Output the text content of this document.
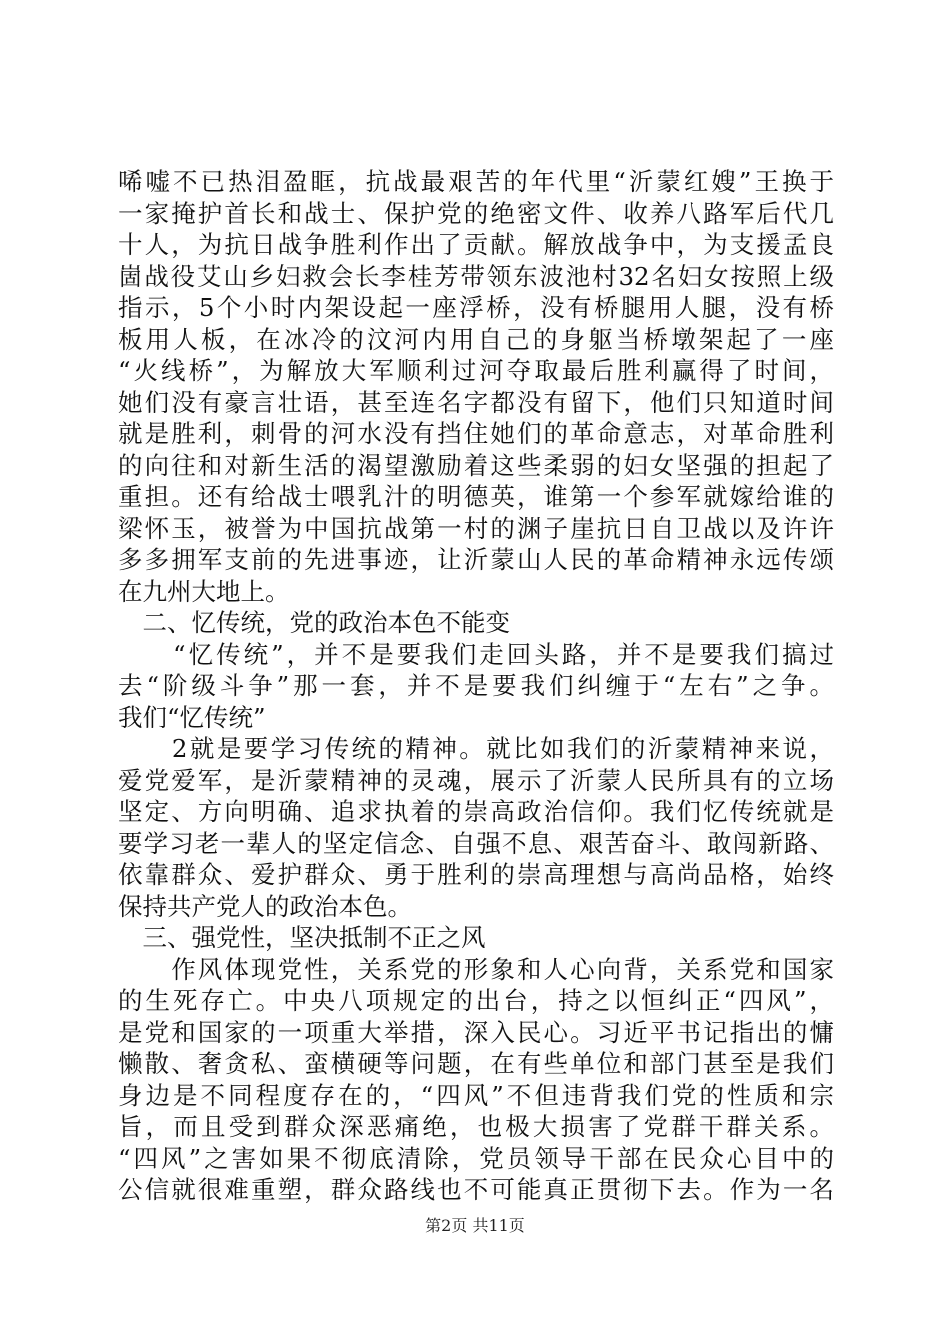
唏嘘不已热泪盈眶，抗战最艰苦的年代里“沂蒙红嫂”王换于
一家掩护首长和战士、保护党的绝密文件、收养八路军后代几
十人，为抗日战争胜利作出了贡献。解放战争中，为支援孟良
崮战役艾山乡妇救会长李桂芳带领东波池村32名妇女按照上级
指示，5个小时内架设起一座浮桥，没有桥腿用人腿，没有桥
板用人板，在冰冷的汶河内用自己的身躯当桥墩架起了一座
“火线桥”，为解放大军顺利过河夺取最后胜利赢得了时间，
她们没有豪言壮语，甚至连名字都没有留下，他们只知道时间
就是胜利，刺骨的河水没有挡住她们的革命意志，对革命胜利
的向往和对新生活的渴望激励着这些柔弱的妇女坚强的担起了
重担。还有给战士喂乳汁的明德英，谁第一个参军就嫁给谁的
梁怀玉，被誉为中国抗战第一村的渊子崖抗日自卫战以及许许
多多拥军支前的先进事迹，让沂蒙山人民的革命精神永远传颂
在九州大地上。
　二、忆传统，党的政治本色不能变
　　“忆传统”，并不是要我们走回头路，并不是要我们搞过
去“阶级斗争”那一套，并不是要我们纠缠于“左右”之争。
我们“忆传统”
　　2就是要学习传统的精神。就比如我们的沂蒙精神来说，
爱党爱军，是沂蒙精神的灵魂，展示了沂蒙人民所具有的立场
坚定、方向明确、追求执着的崇高政治信仰。我们忆传统就是
要学习老一辈人的坚定信念、自强不息、艰苦奋斗、敢闯新路、
依靠群众、爱护群众、勇于胜利的崇高理想与高尚品格，始终
保持共产党人的政治本色。
　三、强党性，坚决抵制不正之风
　　作风体现党性，关系党的形象和人心向背，关系党和国家
的生死存亡。中央八项规定的出台，持之以恒纠正“四风”，
是党和国家的一项重大举措，深入民心。习近平书记指出的慵
懒散、奢贪私、蛮横硬等问题，在有些单位和部门甚至是我们
身边是不同程度存在的，“四风”不但违背我们党的性质和宗
旨，而且受到群众深恶痛绝，也极大损害了党群干群关系。
“四风”之害如果不彻底清除，党员领导干部在民众心目中的
公信就很难重塑，群众路线也不可能真正贯彻下去。作为一名
第2页 共11页
